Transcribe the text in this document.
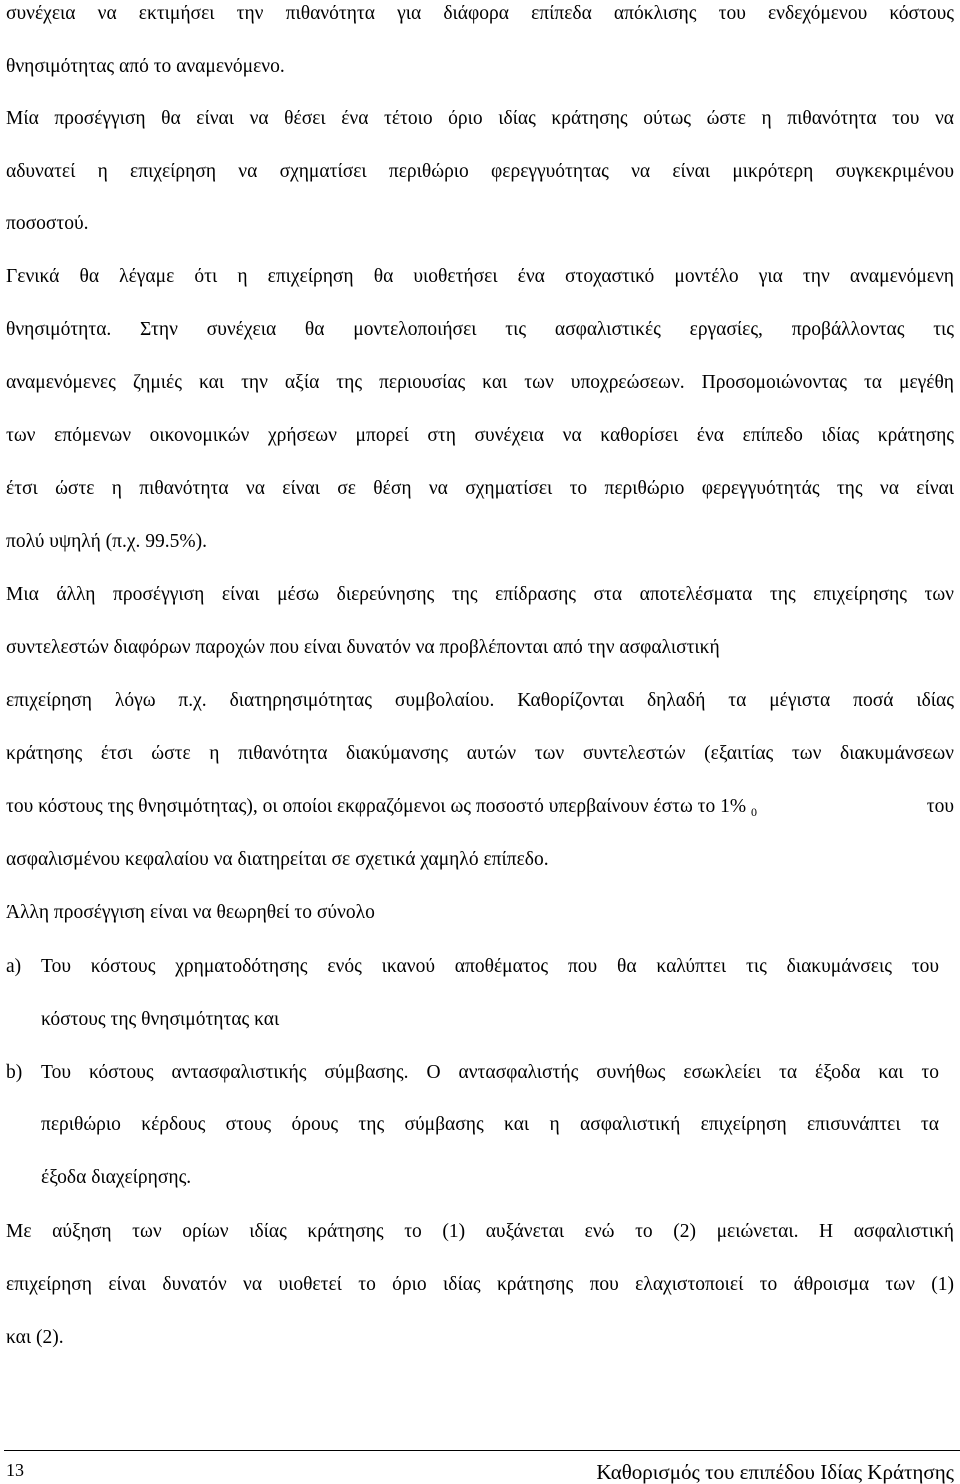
συνέχεια να εκτιμήσει την πιθανότητα για διάφορα επίπεδα απόκλισης του ενδεχόμενου κόστους
θνησιμότητας από το αναμενόμενο.
Μία προσέγγιση θα είναι να θέσει ένα τέτοιο όριο ιδίας κράτησης ούτως ώστε η πιθανότητα του να
αδυνατεί η επιχείρηση να σχηματίσει περιθώριο φερεγγυότητας να είναι μικρότερη συγκεκριμένου
ποσοστού.
Γενικά θα λέγαμε ότι η επιχείρηση θα υιοθετήσει ένα στοχαστικό μοντέλο για την αναμενόμενη
θνησιμότητα. Στην συνέχεια θα μοντελοποιήσει τις ασφαλιστικές εργασίες, προβάλλοντας τις
αναμενόμενες ζημιές και την αξία της περιουσίας και των υποχρεώσεων. Προσομοιώνοντας τα μεγέθη
των επόμενων οικονομικών χρήσεων μπορεί στη συνέχεια να καθορίσει ένα επίπεδο ιδίας κράτησης
έτσι ώστε η πιθανότητα να είναι σε θέση να σχηματίσει το περιθώριο φερεγγυότητάς της να είναι
πολύ υψηλή (π.χ. 99.5%).
Μια άλλη προσέγγιση είναι μέσω διερεύνησης της επίδρασης στα αποτελέσματα της επιχείρησης των
συντελεστών διαφόρων παροχών που είναι δυνατόν να προβλέπονται από την ασφαλιστική
επιχείρηση λόγω π.χ. διατηρησιμότητας συμβολαίου. Καθορίζονται δηλαδή τα μέγιστα ποσά ιδίας
κράτησης έτσι ώστε η πιθανότητα διακύμανσης αυτών των συντελεστών (εξαιτίας των διακυμάνσεων
του κόστους της θνησιμότητας), οι οποίοι εκφραζόμενοι ως ποσοστό υπερβαίνουν έστω το 1% $_0$	του
ασφαλισμένου κεφαλαίου να διατηρείται σε σχετικά χαμηλό επίπεδο.
Άλλη προσέγγιση είναι να θεωρηθεί το σύνολο
a) Του κόστους χρηματοδότησης ενός ικανού αποθέματος που θα καλύπτει τις διακυμάνσεις του
κόστους της θνησιμότητας και
b) Του κόστους αντασφαλιστικής σύμβασης. Ο αντασφαλιστής συνήθως εσωκλείει τα έξοδα και το
περιθώριο κέρδους στους όρους της σύμβασης και η ασφαλιστική επιχείρηση επισυνάπτει τα
έξοδα διαχείρησης.
Με αύξηση των ορίων ιδίας κράτησης το (1) αυξάνεται ενώ το (2) μειώνεται. Η ασφαλιστική
επιχείρηση είναι δυνατόν να υιοθετεί το όριο ιδίας κράτησης που ελαχιστοποιεί το άθροισμα των (1)
και (2).
13	Καθορισμός του επιπέδου Ιδίας Κράτησης
